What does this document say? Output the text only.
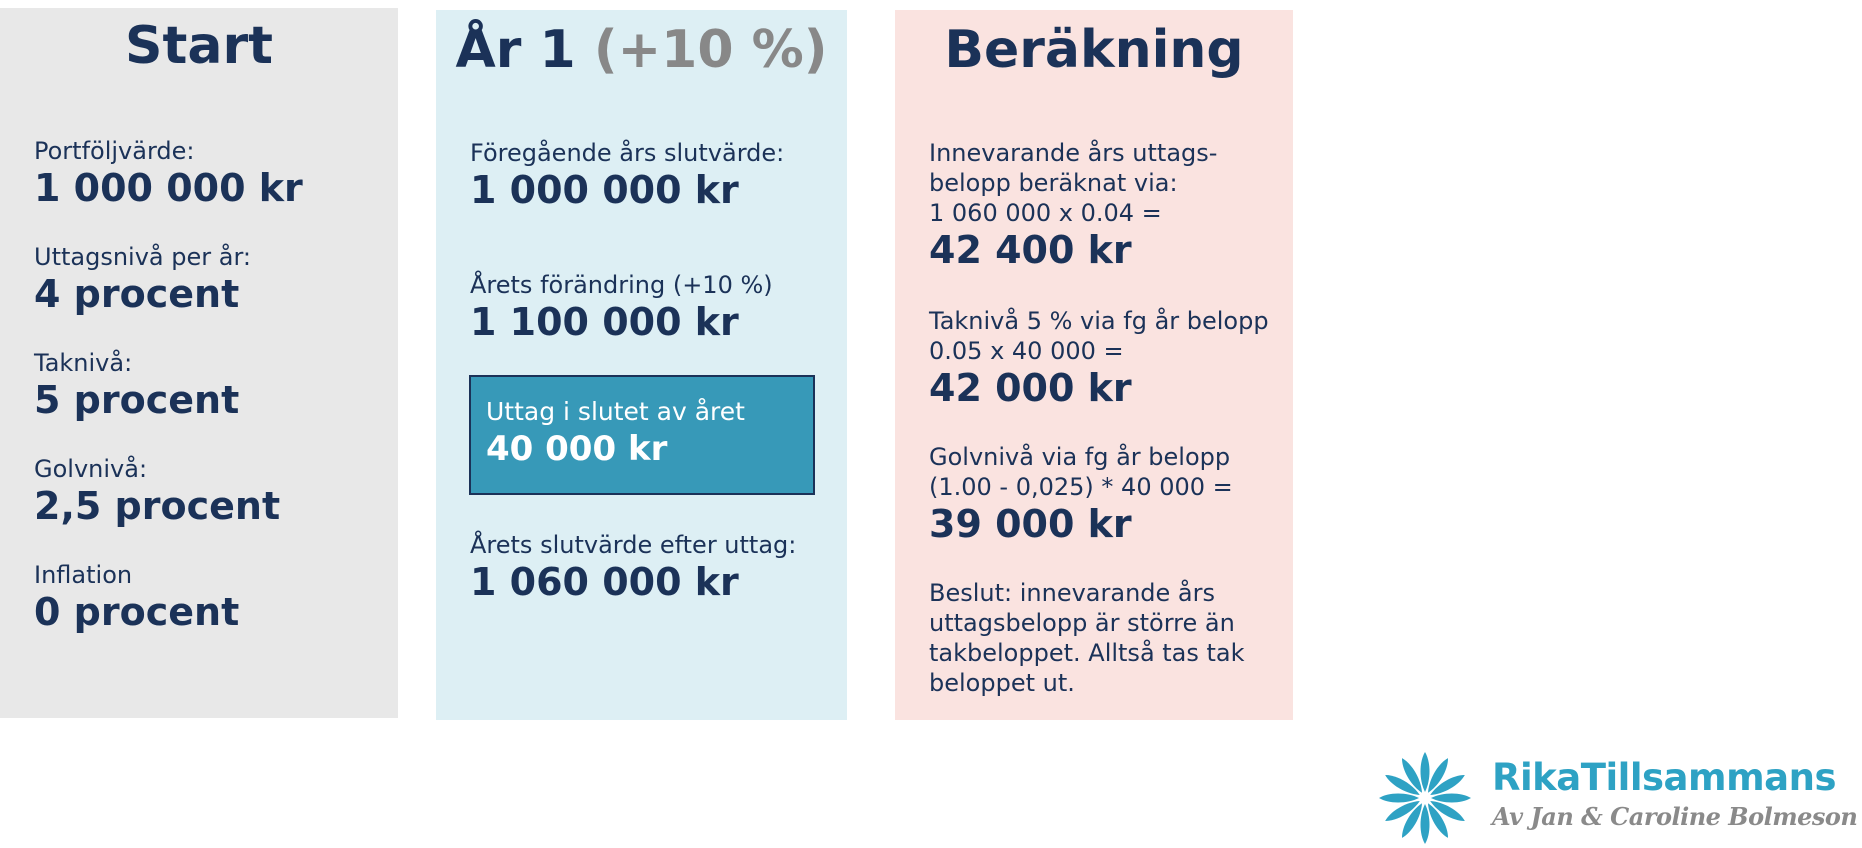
Start
Portföljvärde:
1 000 000 kr
Uttagsnivå per år:
4 procent
Taknivå:
5 procent
Golvnivå:
2,5 procent
Inflation
0 procent
År 1 (+10 %)
Föregående års slutvärde:
1 000 000 kr
Årets förändring (+10 %)
1 100 000 kr
Uttag i slutet av året
40 000 kr
Årets slutvärde efter uttag:
1 060 000 kr
Beräkning
Innevarande års uttags-
belopp beräknat via:
1 060 000 x 0.04 =
42 400 kr
Taknivå 5 % via fg år belopp
0.05 x 40 000 =
42 000 kr
Golvnivå via fg år belopp
(1.00 - 0,025) * 40 000 =
39 000 kr
Beslut: innevarande års
uttagsbelopp är större än
takbeloppet. Alltså tas tak
beloppet ut.
RikaTillsammans
Av Jan & Caroline Bolmeson
